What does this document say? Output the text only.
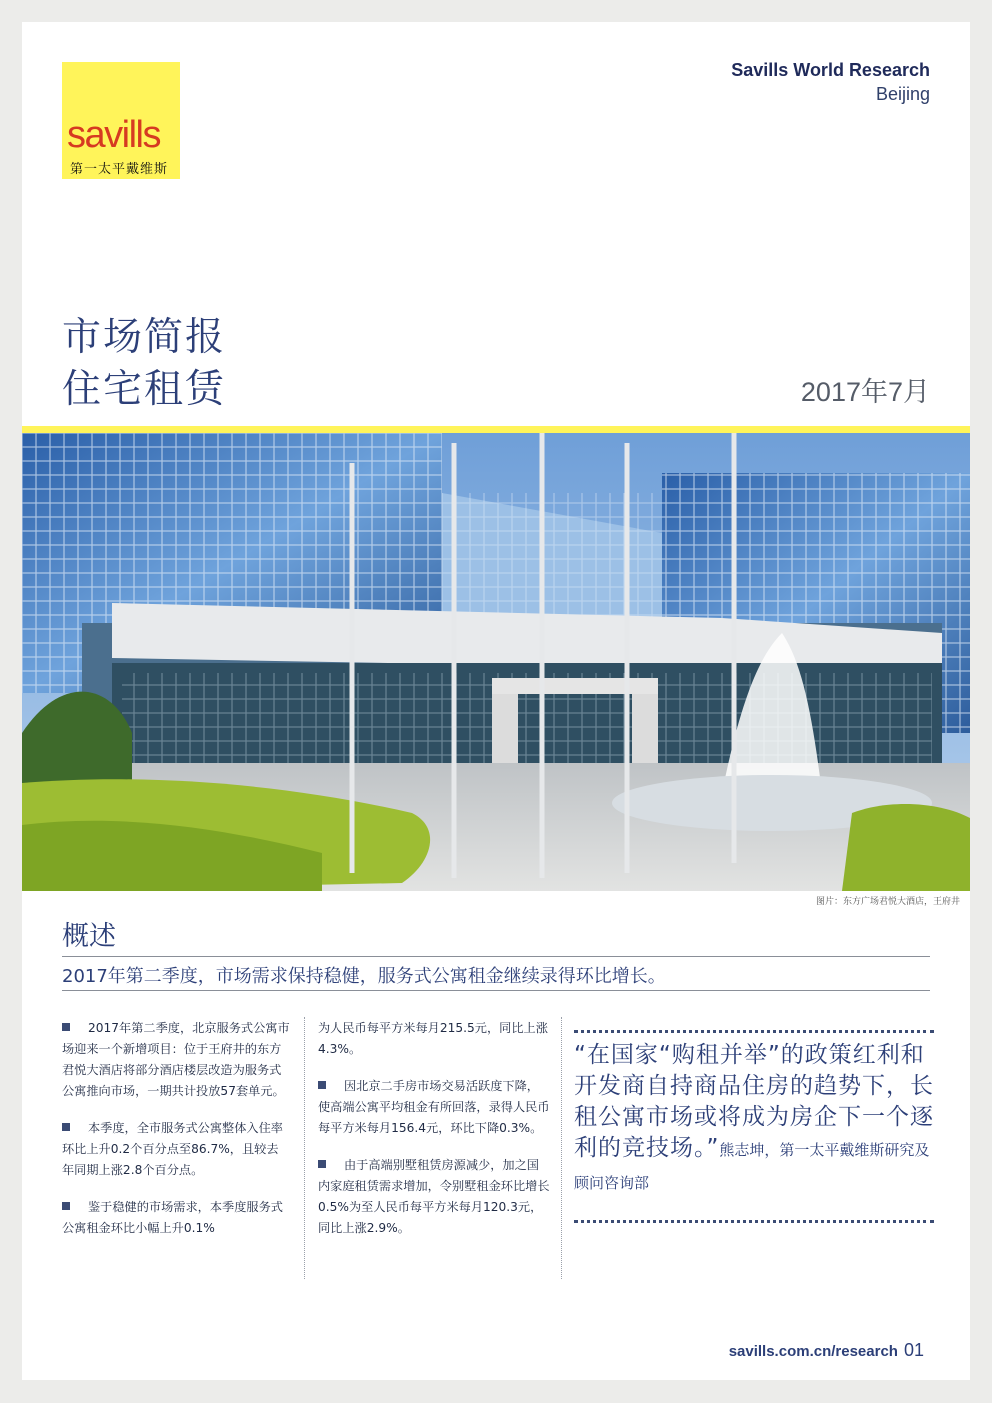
savills
第一太平戴维斯
Savills World Research
Beijing
市场简报
住宅租赁	2017年7月
图片：东方广场君悦大酒店，王府井
概述
2017年第二季度，市场需求保持稳健，服务式公寓租金继续录得环比增长。

2017年第二季度，北京服务式公寓市场迎来一个新增项目：位于王府井的东方君悦大酒店将部分酒店楼层改造为服务式公寓推向市场，一期共计投放57套单元。

本季度，全市服务式公寓整体入住率环比上升0.2个百分点至86.7%，且较去年同期上涨2.8个百分点。

鉴于稳健的市场需求，本季度服务式公寓租金环比小幅上升0.1%

为人民币每平方米每月215.5元，同比上涨4.3%。

因北京二手房市场交易活跃度下降，使高端公寓平均租金有所回落，录得人民币每平方米每月156.4元，环比下降0.3%。

由于高端别墅租赁房源减少，加之国内家庭租赁需求增加，令别墅租金环比增长0.5%为至人民币每平方米每月120.3元，同比上涨2.9%。

“在国家“购租并举”的政策红利和开发商自持商品住房的趋势下，长租公寓市场或将成为房企下一个逐利的竞技场。”熊志坤，第一太平戴维斯研究及顾问咨询部
savills.com.cn/research 01
